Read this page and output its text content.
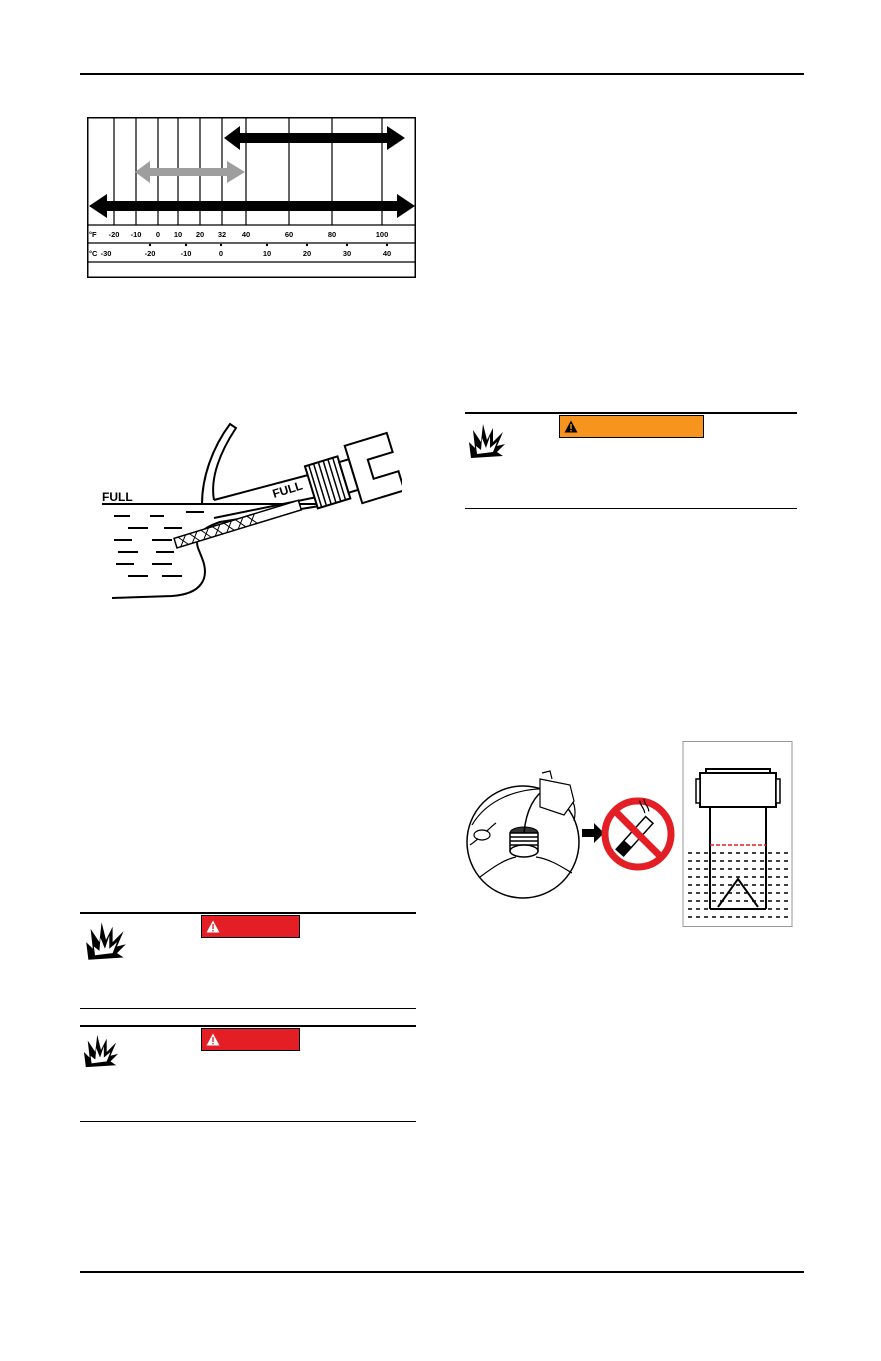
°F
°C
-20 -10 0 10 20 32 40	60	80	100
-30	-20	-10	0	10	20	30	40
FULL	FULL
